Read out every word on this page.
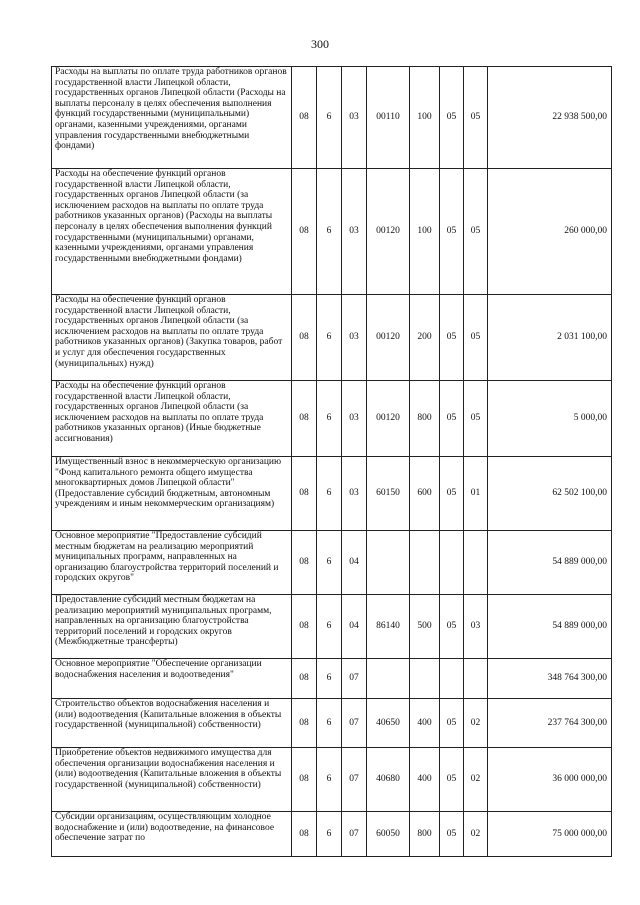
300
Расходы на выплаты по оплате труда работников органов государственной власти Липецкой области, государственных органов Липецкой области (Расходы на выплаты персоналу в целях обеспечения выполнения функций государственными (муниципальными) органами, казенными учреждениями, органами управления государственными внебюджетными фондами)	08	6	03	00110	100	05	05	22 938 500,00
Расходы на обеспечение функций органов государственной власти Липецкой области, государственных органов Липецкой области (за исключением расходов на выплаты по оплате труда работников указанных органов) (Расходы на выплаты персоналу в целях обеспечения выполнения функций государственными (муниципальными) органами, казенными учреждениями, органами управления государственными внебюджетными фондами)	08	6	03	00120	100	05	05	260 000,00
Расходы на обеспечение функций органов государственной власти Липецкой области, государственных органов Липецкой области (за исключением расходов на выплаты по оплате труда работников указанных органов) (Закупка товаров, работ и услуг для обеспечения государственных (муниципальных) нужд)	08	6	03	00120	200	05	05	2 031 100,00
Расходы на обеспечение функций органов государственной власти Липецкой области, государственных органов Липецкой области (за исключением расходов на выплаты по оплате труда работников указанных органов) (Иные бюджетные ассигнования)	08	6	03	00120	800	05	05	5 000,00
Имущественный взнос в некоммерческую организацию "Фонд капитального ремонта общего имущества многоквартирных домов Липецкой области" (Предоставление субсидий бюджетным, автономным учреждениям и иным некоммерческим организациям)	08	6	03	60150	600	05	01	62 502 100,00
Основное мероприятие "Предоставление субсидий местным бюджетам на реализацию мероприятий муниципальных программ, направленных на организацию благоустройства территорий поселений и городских округов"	08	6	04					54 889 000,00
Предоставление субсидий местным бюджетам на реализацию мероприятий муниципальных программ, направленных на организацию благоустройства территорий поселений и городских округов (Межбюджетные трансферты)	08	6	04	86140	500	05	03	54 889 000,00
Основное мероприятие "Обеспечение организации водоснабжения населения и водоотведения"	08	6	07					348 764 300,00
Строительство объектов водоснабжения населения и (или) водоотведения (Капитальные вложения в объекты государственной (муниципальной) собственности)	08	6	07	40650	400	05	02	237 764 300,00
Приобретение объектов недвижимого имущества для обеспечения организации водоснабжения населения и (или) водоотведения (Капитальные вложения в объекты государственной (муниципальной) собственности)	08	6	07	40680	400	05	02	36 000 000,00
Субсидии организациям, осуществляющим холодное водоснабжение и (или) водоотведение, на финансовое обеспечение затрат по	08	6	07	60050	800	05	02	75 000 000,00
